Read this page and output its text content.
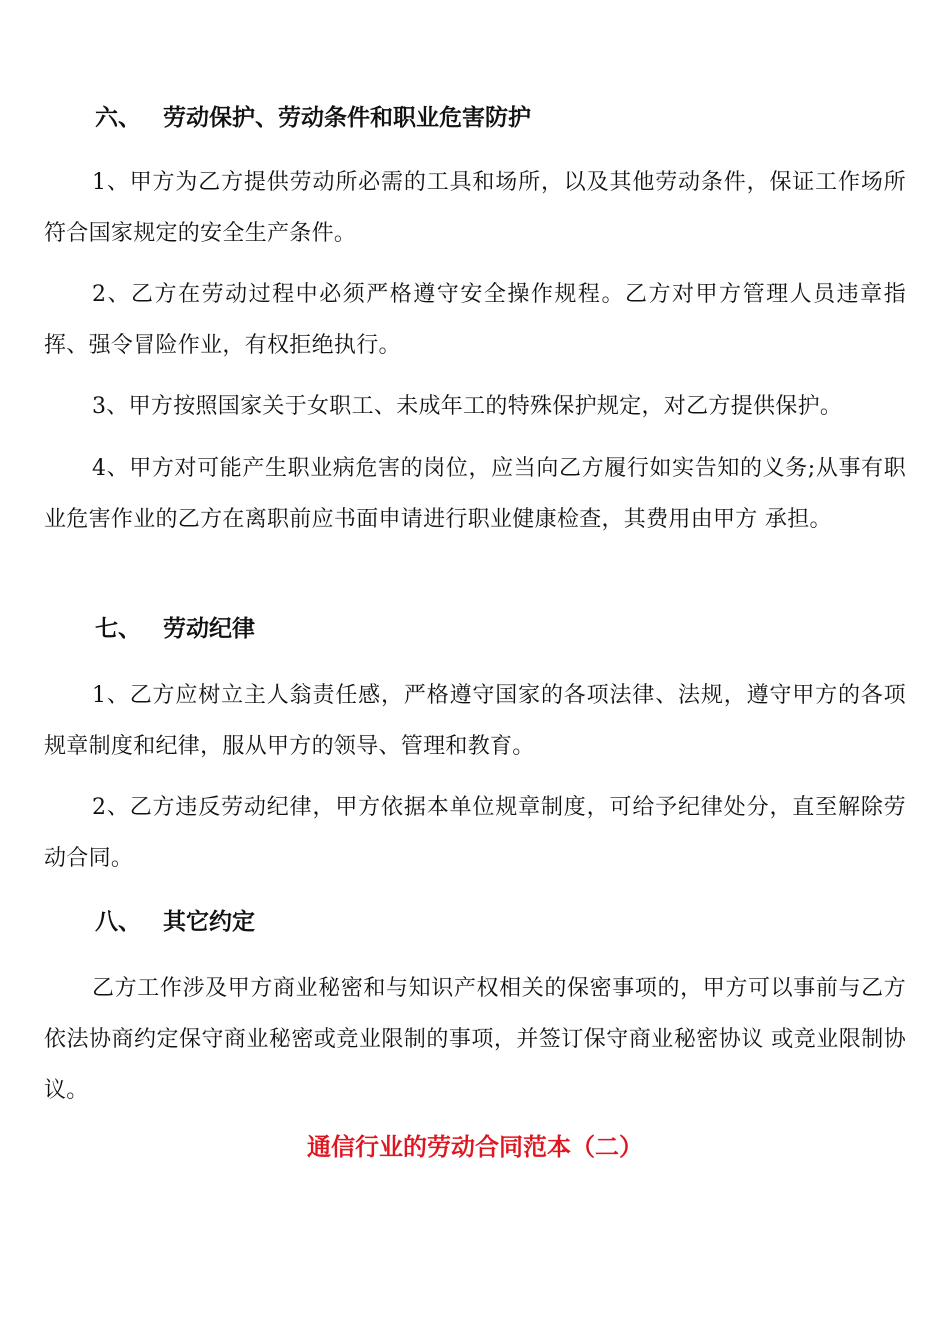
六、 劳动保护、劳动条件和职业危害防护

1、甲方为乙方提供劳动所必需的工具和场所，以及其他劳动条件，保证工作场所符合国家规定的安全生产条件。

2、乙方在劳动过程中必须严格遵守安全操作规程。乙方对甲方管理人员违章指挥、强令冒险作业，有权拒绝执行。

3、甲方按照国家关于女职工、未成年工的特殊保护规定，对乙方提供保护。

4、甲方对可能产生职业病危害的岗位，应当向乙方履行如实告知的义务;从事有职业危害作业的乙方在离职前应书面申请进行职业健康检查，其费用由甲方 承担。

七、 劳动纪律

1、乙方应树立主人翁责任感，严格遵守国家的各项法律、法规，遵守甲方的各项规章制度和纪律，服从甲方的领导、管理和教育。

2、乙方违反劳动纪律，甲方依据本单位规章制度，可给予纪律处分，直至解除劳动合同。

八、 其它约定

乙方工作涉及甲方商业秘密和与知识产权相关的保密事项的，甲方可以事前与乙方依法协商约定保守商业秘密或竞业限制的事项，并签订保守商业秘密协议 或竞业限制协议。

通信行业的劳动合同范本（二）
